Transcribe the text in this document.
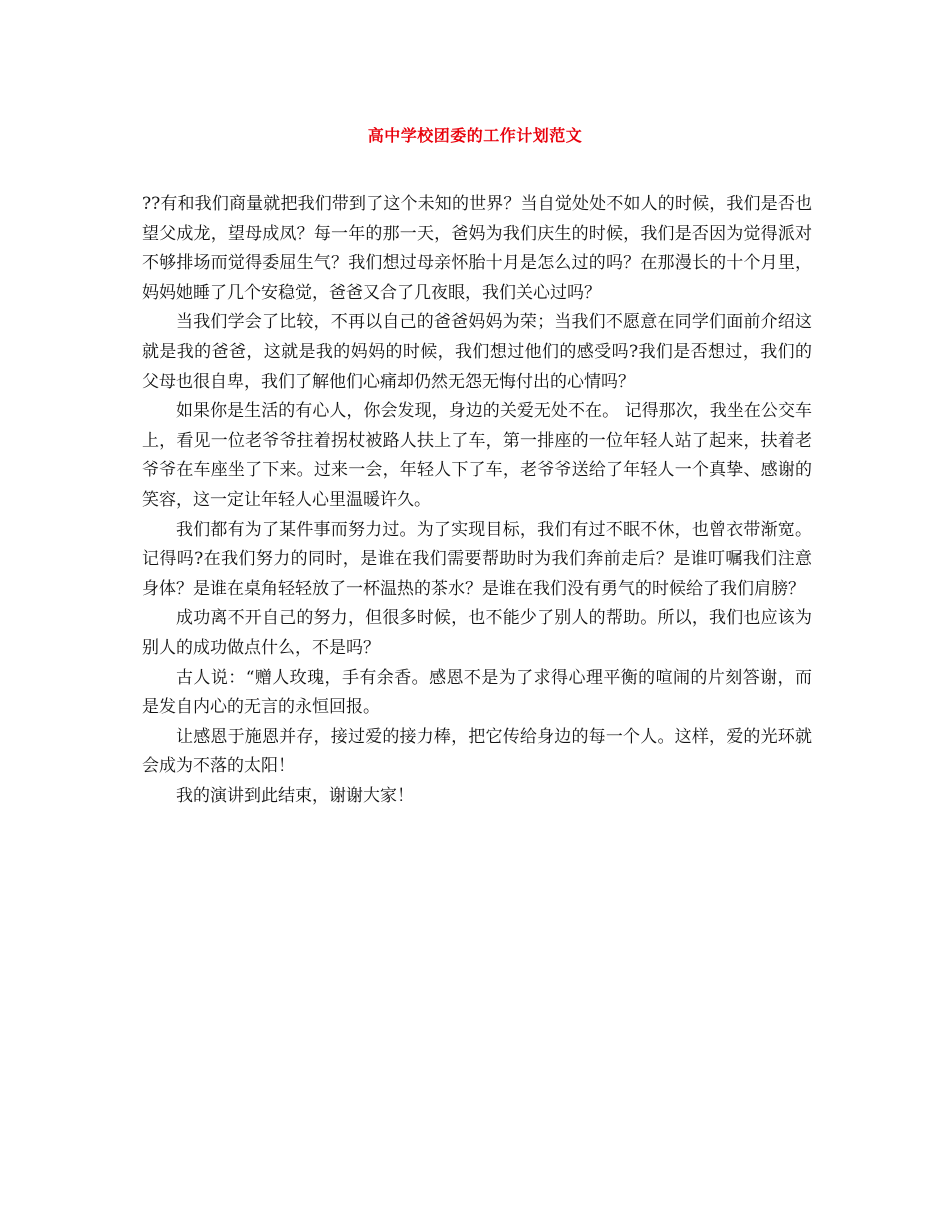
高中学校团委的工作计划范文

??有和我们商量就把我们带到了这个未知的世界？当自觉处处不如人的时候，我们是否也望父成龙，望母成凤？每一年的那一天，爸妈为我们庆生的时候，我们是否因为觉得派对不够排场而觉得委屈生气？我们想过母亲怀胎十月是怎么过的吗？在那漫长的十个月里，妈妈她睡了几个安稳觉，爸爸又合了几夜眼，我们关心过吗？

当我们学会了比较，不再以自己的爸爸妈妈为荣；当我们不愿意在同学们面前介绍这就是我的爸爸，这就是我的妈妈的时候，我们想过他们的感受吗?我们是否想过，我们的父母也很自卑，我们了解他们心痛却仍然无怨无悔付出的心情吗？

如果你是生活的有心人，你会发现，身边的关爱无处不在。 记得那次，我坐在公交车上，看见一位老爷爷拄着拐杖被路人扶上了车，第一排座的一位年轻人站了起来，扶着老爷爷在车座坐了下来。过来一会，年轻人下了车，老爷爷送给了年轻人一个真挚、感谢的笑容，这一定让年轻人心里温暖许久。

我们都有为了某件事而努力过。为了实现目标，我们有过不眠不休，也曾衣带渐宽。记得吗?在我们努力的同时，是谁在我们需要帮助时为我们奔前走后？是谁叮嘱我们注意身体？是谁在桌角轻轻放了一杯温热的茶水？是谁在我们没有勇气的时候给了我们肩膀？

成功离不开自己的努力，但很多时候，也不能少了别人的帮助。所以，我们也应该为别人的成功做点什么，不是吗？

古人说：“赠人玫瑰，手有余香。感恩不是为了求得心理平衡的喧闹的片刻答谢，而是发自内心的无言的永恒回报。

让感恩于施恩并存，接过爱的接力棒，把它传给身边的每一个人。这样，爱的光环就会成为不落的太阳！

我的演讲到此结束，谢谢大家！
